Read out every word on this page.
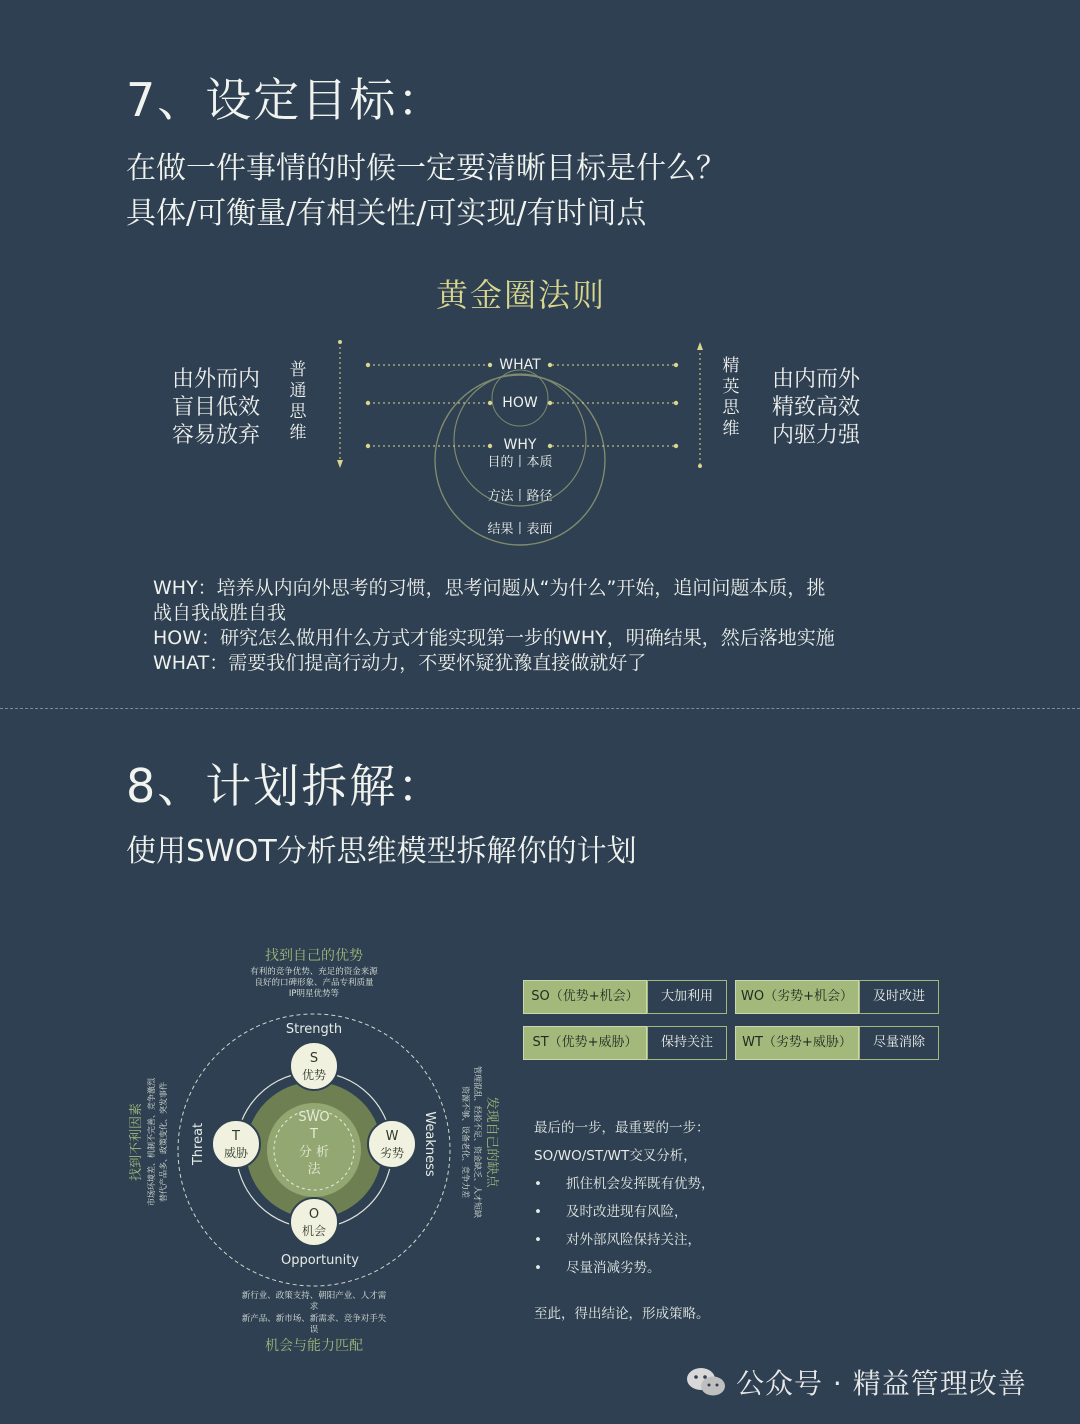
7、设定目标：
在做一件事情的时候一定要清晰目标是什么？
具体/可衡量/有相关性/可实现/有时间点
黄金圈法则
由外而内
盲目低效
容易放弃
普
通
思
维
由内而外
精致高效
内驱力强
精
英
思
维
WHAT
HOW
WHY
目的丨本质
方法丨路径
结果丨表面
WHY：培养从内向外思考的习惯，思考问题从“为什么”开始，追问问题本质，挑
战自我战胜自我
HOW：研究怎么做用什么方式才能实现第一步的WHY，明确结果，然后落地实施
WHAT：需要我们提高行动力，不要怀疑犹豫直接做就好了
8、计划拆解：
使用SWOT分析思维模型拆解你的计划
找到自己的优势
有利的竞争优势、充足的资金来源
良好的口碑形象、产品专利质量
IP明星优势等
SWO
T
分 析
法
S
优势
W
劣势
T
威胁
O
机会
Strength
Opportunity
Threat	Weakness
找到不利因素 市场环境差、机制不完善、竞争激烈 替代产品多、政策变化、突发事件	管理混乱、经验不足、资金缺乏、人才短缺
资源不够、设备老化、竞争力差 发现自己的缺点
新行业、政策支持、朝阳产业、人才需
求
新产品、新市场、新需求、竞争对手失
误
机会与能力匹配
SO（优势+机会）	大加利用	WO（劣势+机会）	及时改进
ST（优势+威胁）	保持关注	WT（劣势+威胁）	尽量消除
最后的一步，最重要的一步：
SO/WO/ST/WT交叉分析，
• 抓住机会发挥既有优势，
• 及时改进现有风险，
• 对外部风险保持关注，
• 尽量消减劣势。
至此，得出结论，形成策略。
公众号 · 精益管理改善
